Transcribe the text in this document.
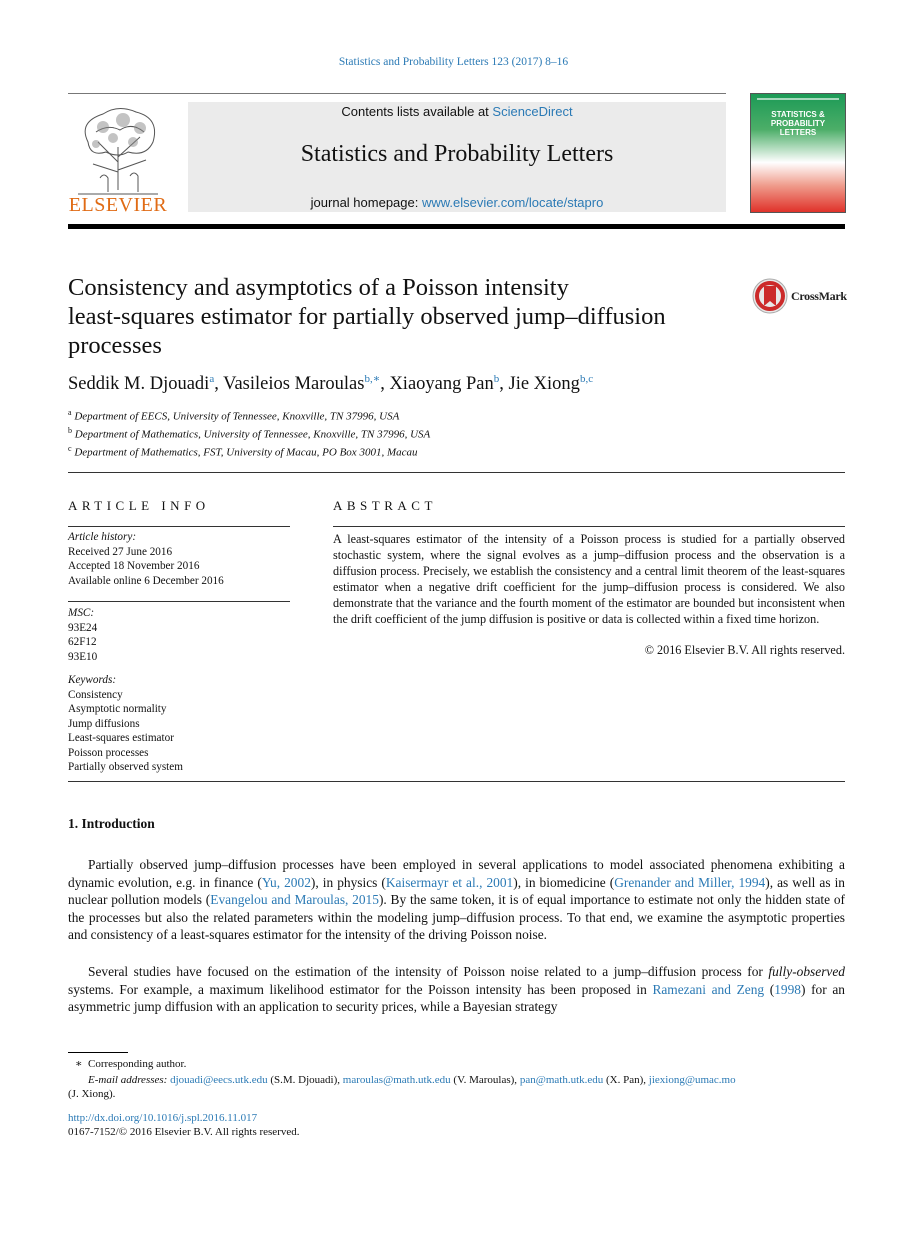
Statistics and Probability Letters 123 (2017) 8–16
ELSEVIER
Contents lists available at ScienceDirect
Statistics and Probability Letters
journal homepage: www.elsevier.com/locate/stapro
STATISTICS &
PROBABILITY
LETTERS
Consistency and asymptotics of a Poisson intensity
least-squares estimator for partially observed jump–diffusion
processes
CrossMark
Seddik M. Djouadi$^a$, Vasileios Maroulas$^{b,∗}$, Xiaoyang Pan$^b$, Jie Xiong$^{b,c}$
$^a$ Department of EECS, University of Tennessee, Knoxville, TN 37996, USA
$^b$ Department of Mathematics, University of Tennessee, Knoxville, TN 37996, USA
$^c$ Department of Mathematics, FST, University of Macau, PO Box 3001, Macau
ARTICLE INFO	ABSTRACT
Article history:
Received 27 June 2016
Accepted 18 November 2016
Available online 6 December 2016
MSC:
93E24
62F12
93E10
Keywords:
Consistency
Asymptotic normality
Jump diffusions
Least-squares estimator
Poisson processes
Partially observed system
A least-squares estimator of the intensity of a Poisson process is studied for a partially observed stochastic system, where the signal evolves as a jump–diffusion process and the observation is a diffusion process. Precisely, we establish the consistency and a central limit theorem of the least-squares estimator when a negative drift coefficient for the jump–diffusion process is considered. We also demonstrate that the variance and the fourth moment of the estimator are bounded but inconsistent when the drift coefficient of the jump diffusion is positive or data is collected within a fixed time horizon.
© 2016 Elsevier B.V. All rights reserved.
1. Introduction
Partially observed jump–diffusion processes have been employed in several applications to model associated phenomena exhibiting a dynamic evolution, e.g. in finance (Yu, 2002), in physics (Kaisermayr et al., 2001), in biomedicine (Grenander and Miller, 1994), as well as in nuclear pollution models (Evangelou and Maroulas, 2015). By the same token, it is of equal importance to estimate not only the hidden state of the processes but also the related parameters within the modeling jump–diffusion process. To that end, we examine the asymptotic properties and consistency of a least-squares estimator for the intensity of the driving Poisson noise.
Several studies have focused on the estimation of the intensity of Poisson noise related to a jump–diffusion process for fully-observed systems. For example, a maximum likelihood estimator for the Poisson intensity has been proposed in Ramezani and Zeng (1998) for an asymmetric jump diffusion with an application to security prices, while a Bayesian strategy
∗ Corresponding author.
E-mail addresses: djouadi@eecs.utk.edu (S.M. Djouadi), maroulas@math.utk.edu (V. Maroulas), pan@math.utk.edu (X. Pan), jiexiong@umac.mo
(J. Xiong).
http://dx.doi.org/10.1016/j.spl.2016.11.017
0167-7152/© 2016 Elsevier B.V. All rights reserved.
